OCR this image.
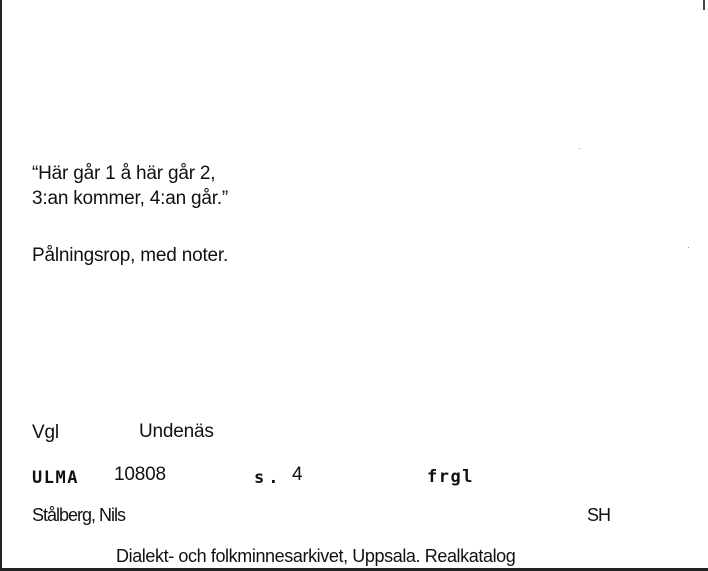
“Här går 1 å här går 2,
3:an kommer, 4:an går.”
Pålningsrop, med noter.
Vgl	Undenäs
ULMA 10808	s. 4	frgl
Stålberg, Nils	SH
Dialekt- och folkminnesarkivet, Uppsala. Realkatalog
